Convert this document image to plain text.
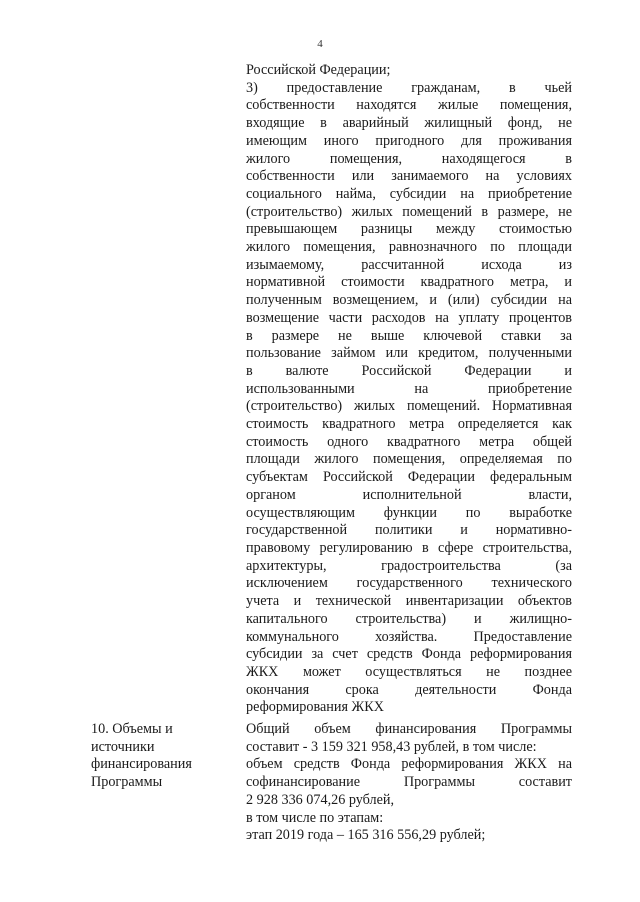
4
Российской Федерации;
3) предоставление гражданам, в чьей
собственности находятся жилые помещения,
входящие в аварийный жилищный фонд, не
имеющим иного пригодного для проживания
жилого помещения, находящегося в
собственности или занимаемого на условиях
социального найма, субсидии на приобретение
(строительство) жилых помещений в размере, не
превышающем разницы между стоимостью
жилого помещения, равнозначного по площади
изымаемому, рассчитанной исхода из
нормативной стоимости квадратного метра, и
полученным возмещением, и (или) субсидии на
возмещение части расходов на уплату процентов
в размере не выше ключевой ставки за
пользование займом или кредитом, полученными
в валюте Российской Федерации и
использованными на приобретение
(строительство) жилых помещений. Нормативная
стоимость квадратного метра определяется как
стоимость одного квадратного метра общей
площади жилого помещения, определяемая по
субъектам Российской Федерации федеральным
органом исполнительной власти,
осуществляющим функции по выработке
государственной политики и нормативно-
правовому регулированию в сфере строительства,
архитектуры, градостроительства (за
исключением государственного технического
учета и технической инвентаризации объектов
капитального строительства) и жилищно-
коммунального хозяйства. Предоставление
субсидии за счет средств Фонда реформирования
ЖКХ может осуществляться не позднее
окончания срока деятельности Фонда
реформирования ЖКХ
10. Объемы и
источники
финансирования
Программы
Общий объем финансирования Программы
составит - 3 159 321 958,43 рублей, в том числе:
объем средств Фонда реформирования ЖКХ на
софинансирование Программы составит
2 928 336 074,26 рублей,
в том числе по этапам:
этап 2019 года – 165 316 556,29 рублей;
